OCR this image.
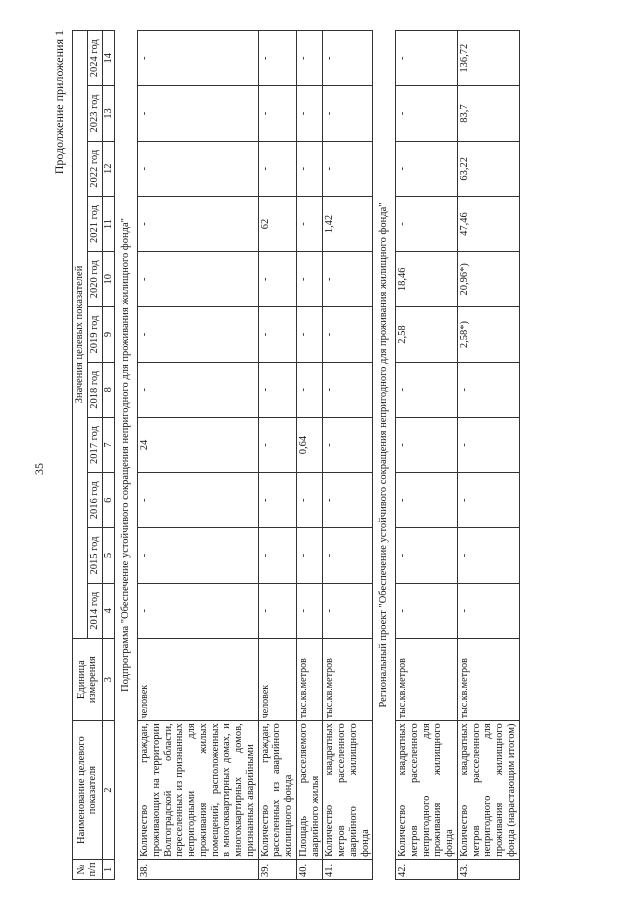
35
Продолжение приложения 1
№ п/п	Наименование целевого показателя	Единица измерения	Значения целевых показателей										
			2014 год	2015 год	2016 год	2017 год	2018 год	2019 год	2020 год	2021 год	2022 год	2023 год	2024 год
1	2	3	4	5	6	7	8	9	10	11	12	13	14
Подпрограмма "Обеспечение устойчивого сокращения непригодного для проживания жилищного фонда"													
38.	Количество граждан, проживающих на территории Волгоградской области, переселенных из признанных непригодными для проживания жилых помещений, расположенных в многоквартирных домах, и многоквартирных домов, признанных аварийными	человек	-	-	-	24	-	-	-	-	-	-	-
39.	Количество граждан, расселенных из аварийного жилищного фонда	человек	-	-	-	-	-	-	-	62	-	-	-
40.	Площадь расселяемого аварийного жилья	тыс.кв.метров	-	-	-	0,64	-	-	-	-	-	-	-
41.	Количество квадратных метров расселенного аварийного жилищного фонда	тыс.кв.метров	-	-	-	-	-	-	-	1,42	-	-	-
Региональный проект "Обеспечение устойчивого сокращения непригодного для проживания жилищного фонда"													
42.	Количество квадратных метров расселенного непригодного для проживания жилищного фонда	тыс.кв.метров	-	-	-	-	-	2,58	18,46	-	-	-	-
43.	Количество квадратных метров расселенного непригодного для проживания жилищного фонда (нарастающим итогом)	тыс.кв.метров	-	-	-	-	-	2,58*)	20,96*)	47,46	63,22	83,7	136,72
